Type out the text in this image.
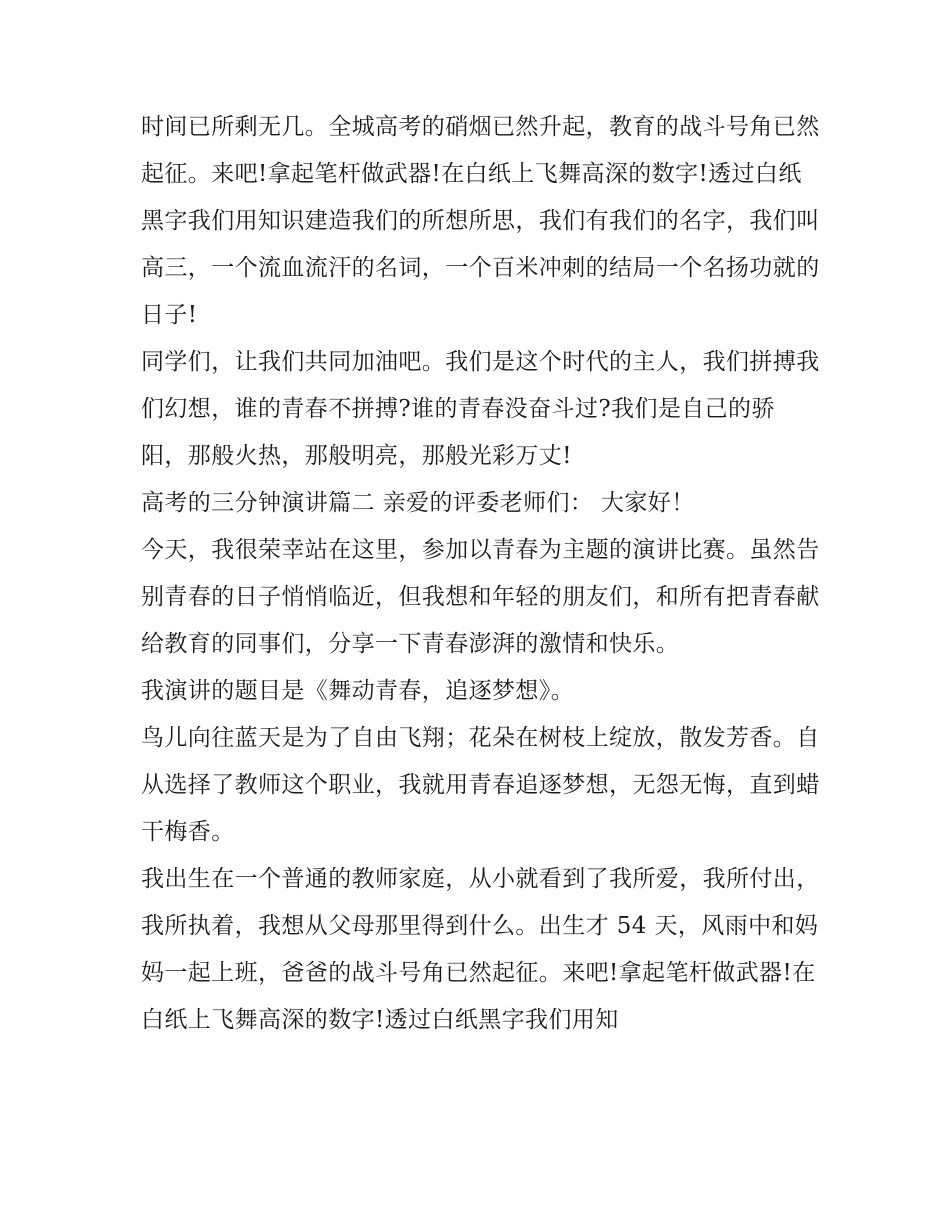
时间已所剩无几。全城高考的硝烟已然升起，教育的战斗号角已然起征。来吧!拿起笔杆做武器!在白纸上飞舞高深的数字!透过白纸黑字我们用知识建造我们的所想所思，我们有我们的名字，我们叫高三，一个流血流汗的名词，一个百米冲刺的结局一个名扬功就的日子!

同学们，让我们共同加油吧。我们是这个时代的主人，我们拼搏我们幻想，谁的青春不拼搏?谁的青春没奋斗过?我们是自己的骄阳，那般火热，那般明亮，那般光彩万丈!

高考的三分钟演讲篇二 亲爱的评委老师们： 大家好！

今天，我很荣幸站在这里，参加以青春为主题的演讲比赛。虽然告别青春的日子悄悄临近，但我想和年轻的朋友们，和所有把青春献给教育的同事们，分享一下青春澎湃的激情和快乐。

我演讲的题目是《舞动青春，追逐梦想》。

鸟儿向往蓝天是为了自由飞翔；花朵在树枝上绽放，散发芳香。自从选择了教师这个职业，我就用青春追逐梦想，无怨无悔，直到蜡干梅香。

我出生在一个普通的教师家庭，从小就看到了我所爱，我所付出，我所执着，我想从父母那里得到什么。出生才 54 天，风雨中和妈妈一起上班，爸爸的战斗号角已然起征。来吧!拿起笔杆做武器!在白纸上飞舞高深的数字!透过白纸黑字我们用知
